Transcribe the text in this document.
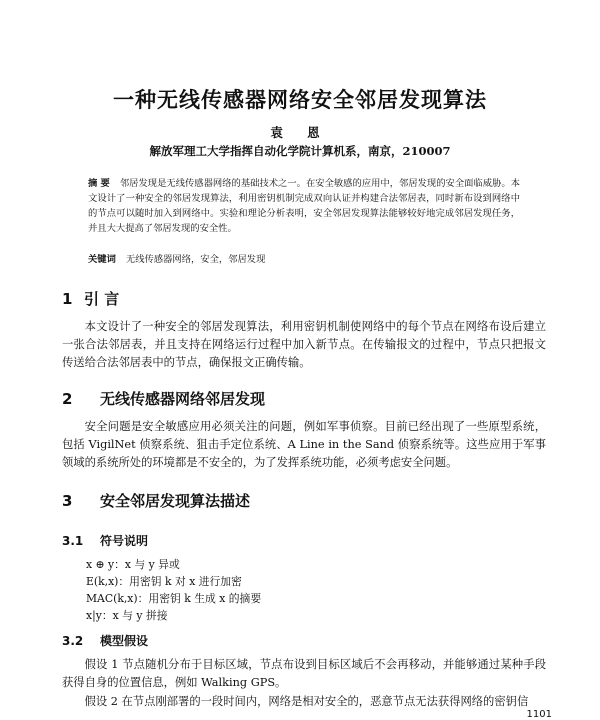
一种无线传感器网络安全邻居发现算法
袁 恩
解放军理工大学指挥自动化学院计算机系，南京，210007
摘 要 邻居发现是无线传感器网络的基础技术之一。在安全敏感的应用中，邻居发现的安全面临威胁。本文设计了一种安全的邻居发现算法，利用密钥机制完成双向认证并构建合法邻居表，同时新布设到网络中的节点可以随时加入到网络中。实验和理论分析表明，安全邻居发现算法能够较好地完成邻居发现任务，并且大大提高了邻居发现的安全性。
关键词 无线传感器网络，安全，邻居发现
1 引 言
本文设计了一种安全的邻居发现算法，利用密钥机制使网络中的每个节点在网络布设后建立一张合法邻居表，并且支持在网络运行过程中加入新节点。在传输报文的过程中，节点只把报文传送给合法邻居表中的节点，确保报文正确传输。
2 无线传感器网络邻居发现
安全问题是安全敏感应用必须关注的问题，例如军事侦察。目前已经出现了一些原型系统，包括 VigilNet 侦察系统、狙击手定位系统、A Line in the Sand 侦察系统等。这些应用于军事领域的系统所处的环境都是不安全的，为了发挥系统功能，必须考虑安全问题。
3 安全邻居发现算法描述
3.1 符号说明
x ⊕ y：x 与 y 异或
E(k,x)：用密钥 k 对 x 进行加密
MAC(k,x)：用密钥 k 生成 x 的摘要
x|y：x 与 y 拼接
3.2 模型假设
假设 1 节点随机分布于目标区域，节点布设到目标区域后不会再移动，并能够通过某种手段获得自身的位置信息，例如 Walking GPS。
假设 2 在节点刚部署的一段时间内，网络是相对安全的，恶意节点无法获得网络的密钥信
1101
